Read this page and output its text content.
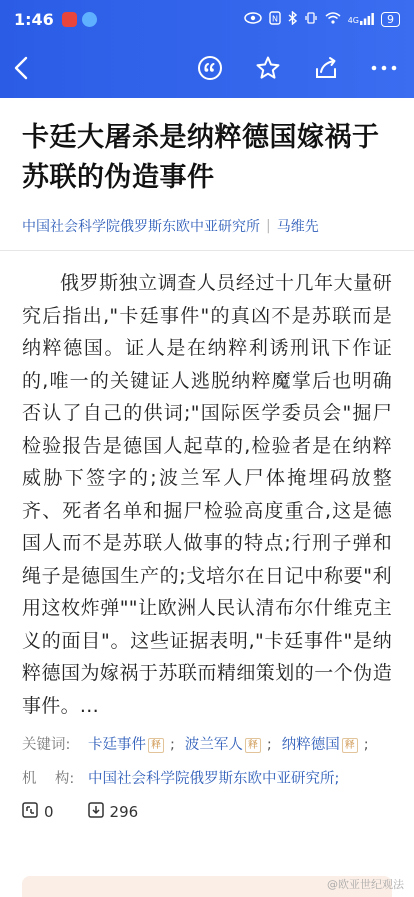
1:46	N	4G	9
卡廷大屠杀是纳粹德国嫁祸于苏联的伪造事件
中国社会科学院俄罗斯东欧中亚研究所 | 马维先

俄罗斯独立调查人员经过十几年大量研究后指出,"卡廷事件"的真凶不是苏联而是纳粹德国。证人是在纳粹利诱刑讯下作证的,唯一的关键证人逃脱纳粹魔掌后也明确否认了自己的供词;"国际医学委员会"掘尸检验报告是德国人起草的,检验者是在纳粹威胁下签字的;波兰军人尸体掩埋码放整齐、死者名单和掘尸检验高度重合,这是德国人而不是苏联人做事的特点;行刑子弹和绳子是德国生产的;戈培尔在日记中称要"利用这枚炸弹""让欧洲人民认清布尔什维克主义的面目"。这些证据表明,"卡廷事件"是纳粹德国为嫁祸于苏联而精细策划的一个伪造事件。...

关键词:	卡廷事件 释 ; 波兰军人 释 ; 纳粹德国 释 ;
机    构: 中国社会科学院俄罗斯东欧中亚研究所;
0	296
@欧亚世纪观法
